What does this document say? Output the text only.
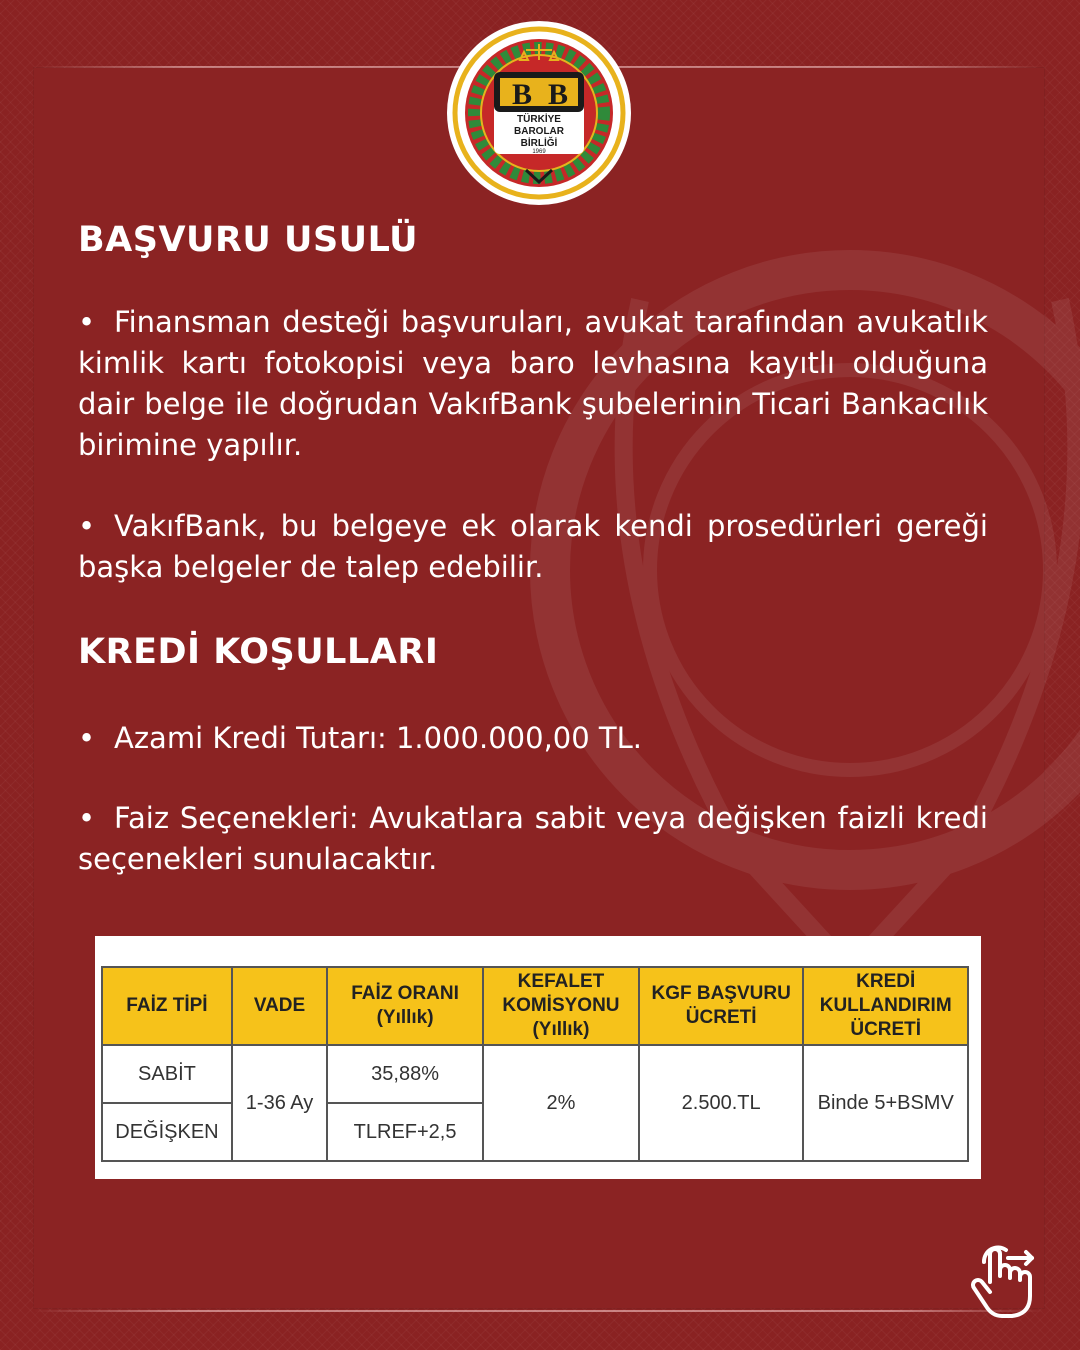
B B
TÜRKİYE
BAROLAR
BİRLİĞİ
1969
BAŞVURU USULÜ

• Finansman desteği başvuruları, avukat tarafından avukatlık kimlik kartı fotokopisi veya baro levhasına kayıtlı olduğuna dair belge ile doğrudan VakıfBank şubelerinin Ticari Bankacılık birimine yapılır.

• VakıfBank, bu belgeye ek olarak kendi prosedürleri gereği başka belgeler de talep edebilir.

KREDİ KOŞULLARI

• Azami Kredi Tutarı: 1.000.000,00 TL.

• Faiz Seçenekleri: Avukatlara sabit veya değişken faizli kredi seçenekleri sunulacaktır.

FAİZ TİPİ	VADE	FAİZ ORANI (Yıllık)	KEFALET KOMİSYONU (Yıllık)	KGF BAŞVURU ÜCRETİ	KREDİ KULLANDIRIM ÜCRETİ
SABİT	1-36 Ay	35,88%	2%	2.500.TL	Binde 5+BSMV
DEĞİŞKEN		TLREF+2,5			
